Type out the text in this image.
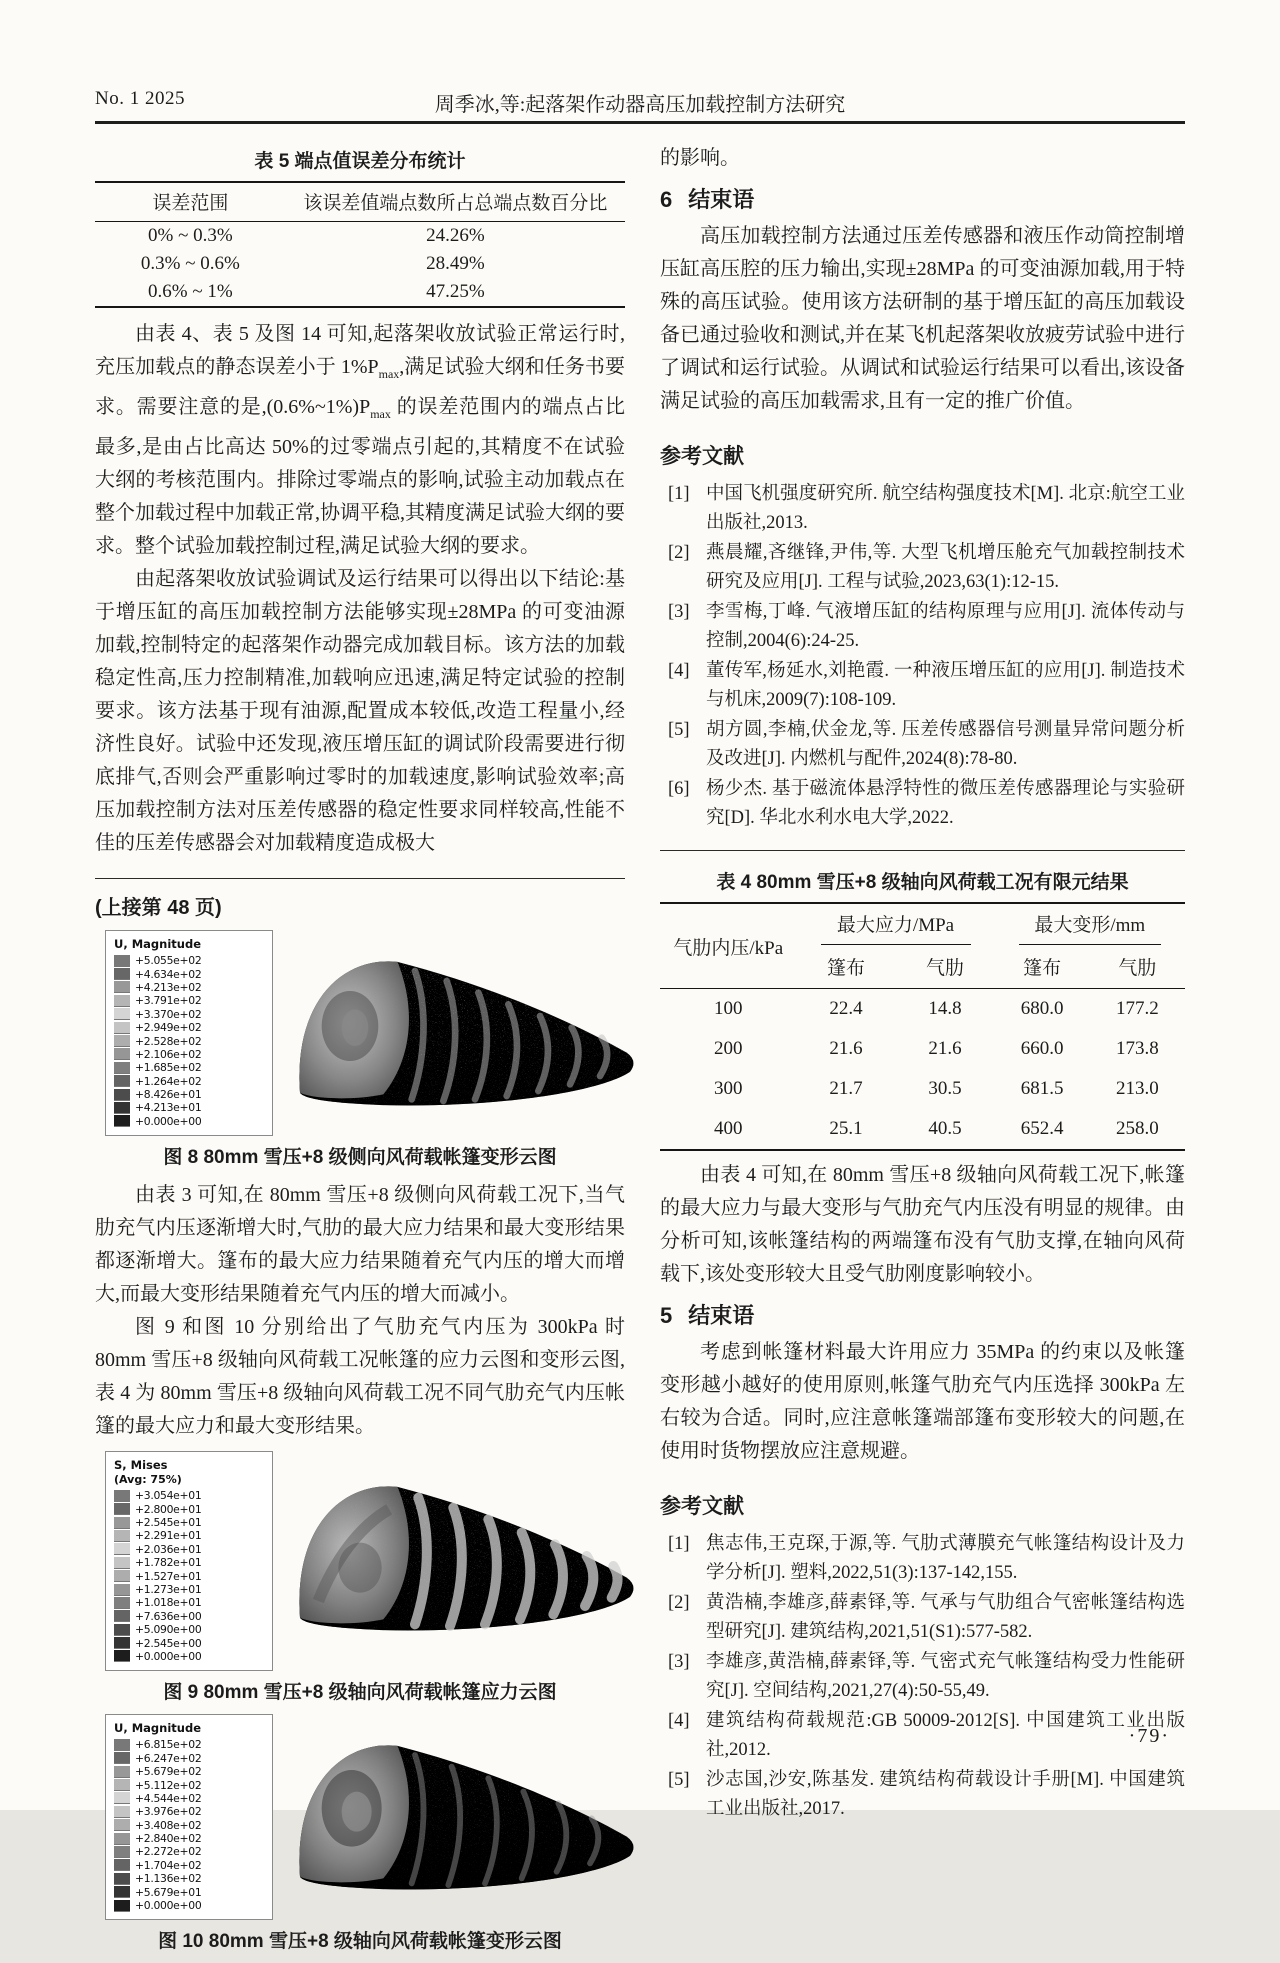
No. 1 2025	周季冰,等:起落架作动器高压加载控制方法研究
表 5 端点值误差分布统计
误差范围	该误差值端点数所占总端点数百分比
0% ~ 0.3%	24.26%
0.3% ~ 0.6%	28.49%
0.6% ~ 1%	47.25%

由表 4、表 5 及图 14 可知,起落架收放试验正常运行时,充压加载点的静态误差小于 $1\%P_{max}$,满足试验大纲和任务书要求。需要注意的是$,(0.6\%\sim 1\%)P_{max}$ 的误差范围内的端点占比最多,是由占比高达 50%的过零端点引起的,其精度不在试验大纲的考核范围内。排除过零端点的影响,试验主动加载点在整个加载过程中加载正常,协调平稳,其精度满足试验大纲的要求。整个试验加载控制过程,满足试验大纲的要求。

由起落架收放试验调试及运行结果可以得出以下结论:基于增压缸的高压加载控制方法能够实现±28MPa 的可变油源加载,控制特定的起落架作动器完成加载目标。该方法的加载稳定性高,压力控制精准,加载响应迅速,满足特定试验的控制要求。该方法基于现有油源,配置成本较低,改造工程量小,经济性良好。试验中还发现,液压增压缸的调试阶段需要进行彻底排气,否则会严重影响过零时的加载速度,影响试验效率;高压加载控制方法对压差传感器的稳定性要求同样较高,性能不佳的压差传感器会对加载精度造成极大

(上接第 48 页)
U, Magnitude
+5.055e+02
+4.634e+02
+4.213e+02
+3.791e+02
+3.370e+02
+2.949e+02
+2.528e+02
+2.106e+02
+1.685e+02
+1.264e+02
+8.426e+01
+4.213e+01
+0.000e+00
图 8 80mm 雪压+8 级侧向风荷载帐篷变形云图

由表 3 可知,在 80mm 雪压+8 级侧向风荷载工况下,当气肋充气内压逐渐增大时,气肋的最大应力结果和最大变形结果都逐渐增大。篷布的最大应力结果随着充气内压的增大而增大,而最大变形结果随着充气内压的增大而减小。

图 9 和图 10 分别给出了气肋充气内压为 300kPa 时 80mm 雪压+8 级轴向风荷载工况帐篷的应力云图和变形云图,表 4 为 80mm 雪压+8 级轴向风荷载工况不同气肋充气内压帐篷的最大应力和最大变形结果。

S, Mises
(Avg: 75%)
+3.054e+01
+2.800e+01
+2.545e+01
+2.291e+01
+2.036e+01
+1.782e+01
+1.527e+01
+1.273e+01
+1.018e+01
+7.636e+00
+5.090e+00
+2.545e+00
+0.000e+00
图 9 80mm 雪压+8 级轴向风荷载帐篷应力云图
U, Magnitude
+6.815e+02
+6.247e+02
+5.679e+02
+5.112e+02
+4.544e+02
+3.976e+02
+3.408e+02
+2.840e+02
+2.272e+02
+1.704e+02
+1.136e+02
+5.679e+01
+0.000e+00
图 10 80mm 雪压+8 级轴向风荷载帐篷变形云图

的影响。

6 结束语

高压加载控制方法通过压差传感器和液压作动筒控制增压缸高压腔的压力输出,实现±28MPa 的可变油源加载,用于特殊的高压试验。使用该方法研制的基于增压缸的高压加载设备已通过验收和测试,并在某飞机起落架收放疲劳试验中进行了调试和运行试验。从调试和试验运行结果可以看出,该设备满足试验的高压加载需求,且有一定的推广价值。

参考文献
[1] 中国飞机强度研究所. 航空结构强度技术[M]. 北京:航空工业出版社,2013.
[2] 燕晨耀,吝继锋,尹伟,等. 大型飞机增压舱充气加载控制技术研究及应用[J]. 工程与试验,2023,63(1):12-15.
[3] 李雪梅,丁峰. 气液增压缸的结构原理与应用[J]. 流体传动与控制,2004(6):24-25.
[4] 董传军,杨延水,刘艳霞. 一种液压增压缸的应用[J]. 制造技术与机床,2009(7):108-109.
[5] 胡方圆,李楠,伏金龙,等. 压差传感器信号测量异常问题分析及改进[J]. 内燃机与配件,2024(8):78-80.
[6] 杨少杰. 基于磁流体悬浮特性的微压差传感器理论与实验研究[D]. 华北水利水电大学,2022.
表 4 80mm 雪压+8 级轴向风荷载工况有限元结果
气肋内压/kPa	最大应力/MPa		最大变形/mm	

	篷布	气肋	篷布	气肋
100	22.4	14.8	680.0	177.2
200	21.6	21.6	660.0	173.8
300	21.7	30.5	681.5	213.0
400	25.1	40.5	652.4	258.0

由表 4 可知,在 80mm 雪压+8 级轴向风荷载工况下,帐篷的最大应力与最大变形与气肋充气内压没有明显的规律。由分析可知,该帐篷结构的两端篷布没有气肋支撑,在轴向风荷载下,该处变形较大且受气肋刚度影响较小。

5 结束语

考虑到帐篷材料最大许用应力 35MPa 的约束以及帐篷变形越小越好的使用原则,帐篷气肋充气内压选择 300kPa 左右较为合适。同时,应注意帐篷端部篷布变形较大的问题,在使用时货物摆放应注意规避。

参考文献
[1] 焦志伟,王克琛,于源,等. 气肋式薄膜充气帐篷结构设计及力学分析[J]. 塑料,2022,51(3):137-142,155.
[2] 黄浩楠,李雄彦,薛素铎,等. 气承与气肋组合气密帐篷结构选型研究[J]. 建筑结构,2021,51(S1):577-582.
[3] 李雄彦,黄浩楠,薛素铎,等. 气密式充气帐篷结构受力性能研究[J]. 空间结构,2021,27(4):50-55,49.
[4] 建筑结构荷载规范:GB 50009-2012[S]. 中国建筑工业出版社,2012.
[5] 沙志国,沙安,陈基发. 建筑结构荷载设计手册[M]. 中国建筑工业出版社,2017.
·79·
